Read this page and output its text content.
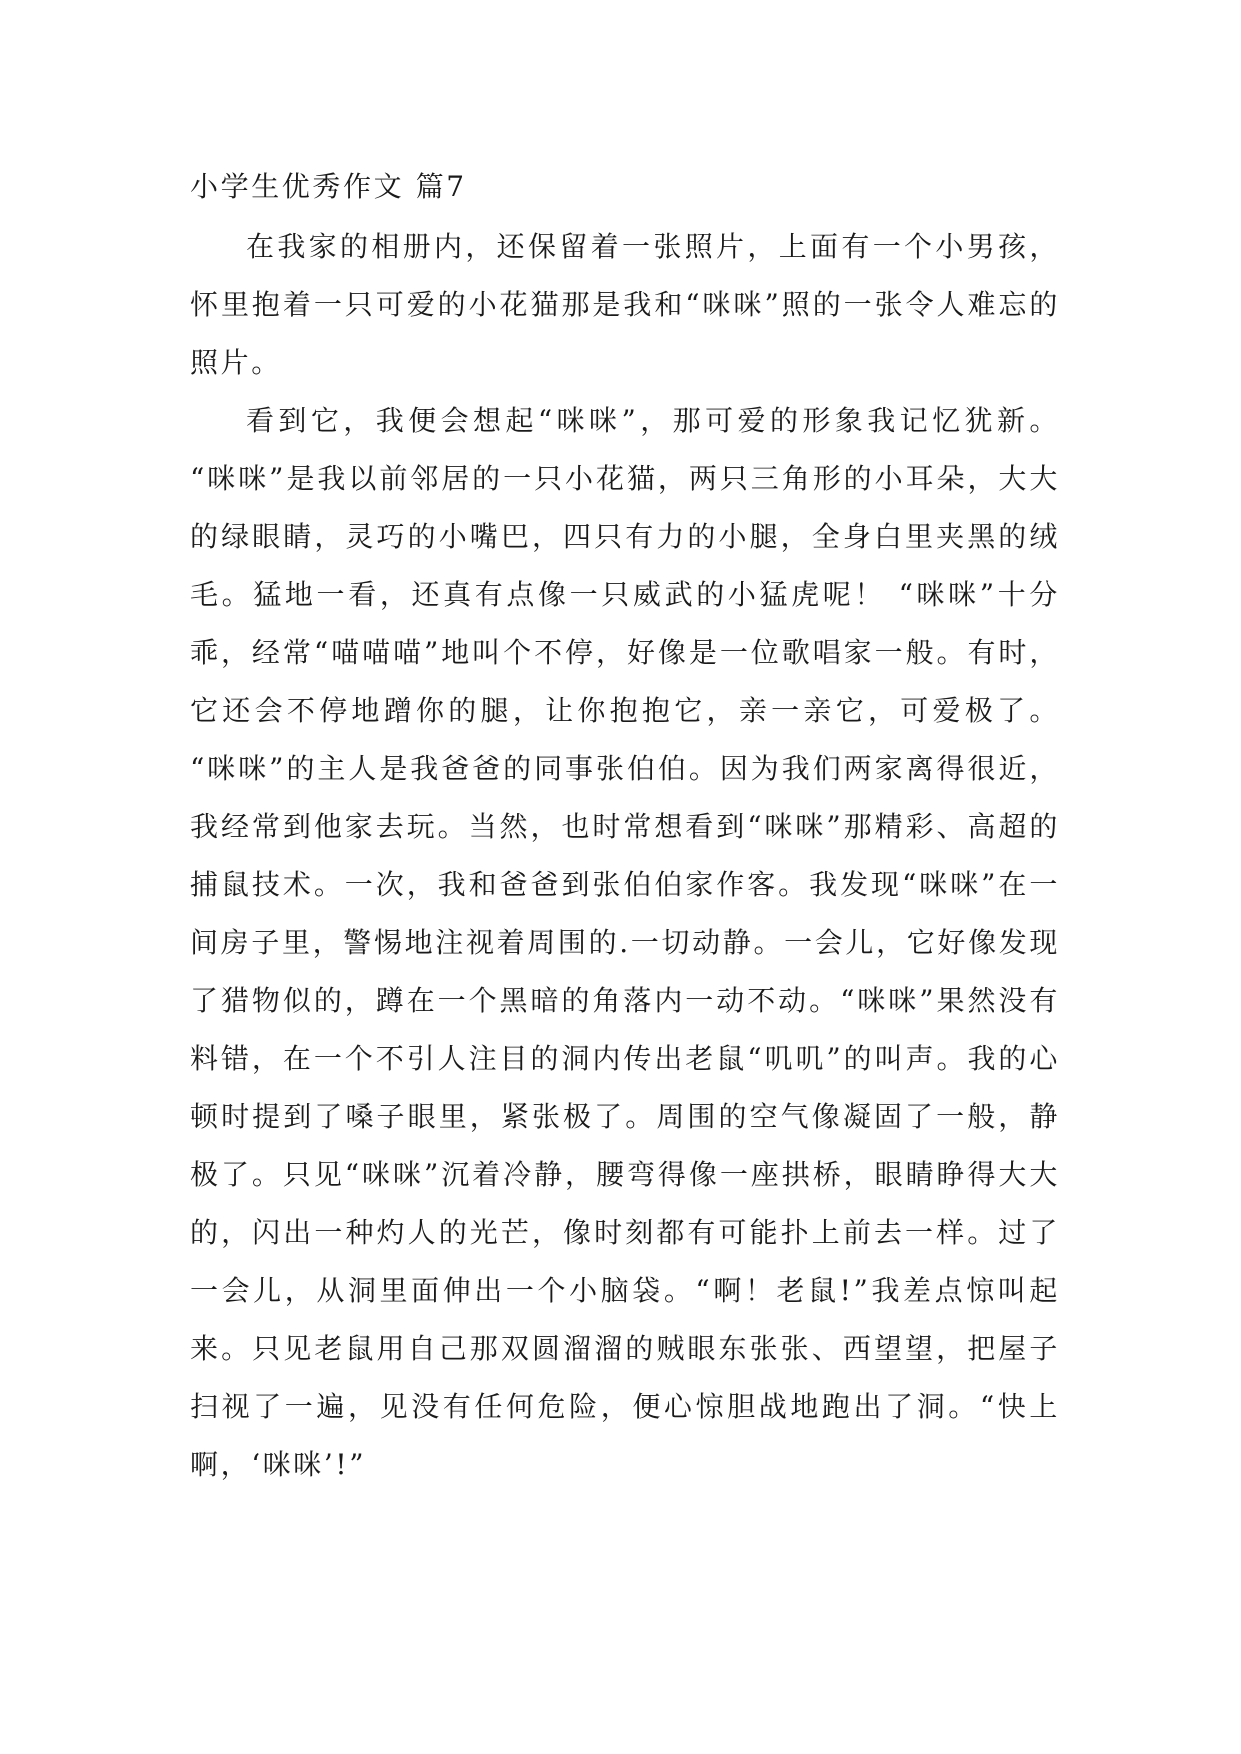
小学生优秀作文 篇7

在我家的相册内，还保留着一张照片，上面有一个小男孩，怀里抱着一只可爱的小花猫那是我和“咪咪”照的一张令人难忘的照片。

看到它，我便会想起“咪咪”，那可爱的形象我记忆犹新。 “咪咪”是我以前邻居的一只小花猫，两只三角形的小耳朵，大大的绿眼睛，灵巧的小嘴巴，四只有力的小腿，全身白里夹黑的绒毛。猛地一看，还真有点像一只威武的小猛虎呢！ “咪咪”十分乖，经常“喵喵喵”地叫个不停，好像是一位歌唱家一般。有时，它还会不停地蹭你的腿，让你抱抱它，亲一亲它，可爱极了。 “咪咪”的主人是我爸爸的同事张伯伯。因为我们两家离得很近，我经常到他家去玩。当然，也时常想看到“咪咪”那精彩、高超的捕鼠技术。一次，我和爸爸到张伯伯家作客。我发现“咪咪”在一间房子里，警惕地注视着周围的.一切动静。一会儿，它好像发现了猎物似的，蹲在一个黑暗的角落内一动不动。“咪咪”果然没有料错，在一个不引人注目的洞内传出老鼠“叽叽”的叫声。我的心顿时提到了嗓子眼里，紧张极了。周围的空气像凝固了一般，静极了。只见“咪咪”沉着冷静，腰弯得像一座拱桥，眼睛睁得大大的，闪出一种灼人的光芒，像时刻都有可能扑上前去一样。过了一会儿，从洞里面伸出一个小脑袋。“啊！老鼠!”我差点惊叫起来。只见老鼠用自己那双圆溜溜的贼眼东张张、西望望，把屋子扫视了一遍，见没有任何危险，便心惊胆战地跑出了洞。“快上啊，‘咪咪’!”
